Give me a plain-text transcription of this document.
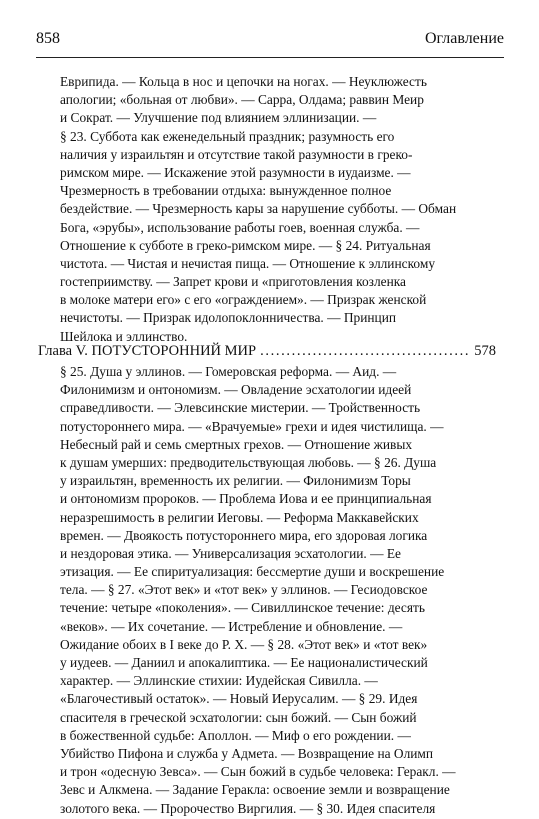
858	Оглавление
Еврипида. — Кольца в нос и цепочки на ногах. — Неуклюжесть
апологии; «больная от любви». — Сарра, Олдама; раввин Меир
и Сократ. — Улучшение под влиянием эллинизации. —
§ 23. Суббота как еженедельный праздник; разумность его
наличия у израильтян и отсутствие такой разумности в греко-
римском мире. — Искажение этой разумности в иудаизме. —
Чрезмерность в требовании отдыха: вынужденное полное
бездействие. — Чрезмерность кары за нарушение субботы. — Обман
Бога, «эрубы», использование работы гоев, военная служба. —
Отношение к субботе в греко-римском мире. — § 24. Ритуальная
чистота. — Чистая и нечистая пища. — Отношение к эллинскому
гостеприимству. — Запрет крови и «приготовления козленка
в молоке матери его» с его «ограждением». — Призрак женской
нечистоты. — Призрак идолопоклонничества. — Принцип
Шейлока и эллинство.
Глава V. ПОТУСТОРОННИЙ МИР
. . .	578
§ 25. Душа у эллинов. — Гомеровская реформа. — Аид. —
Филонимизм и онтономизм. — Овладение эсхатологии идеей
справедливости. — Элевсинские мистерии. — Тройственность
потустороннего мира. — «Врачуемые» грехи и идея чистилища. —
Небесный рай и семь смертных грехов. — Отношение живых
к душам умерших: предводительствующая любовь. — § 26. Душа
у израильтян, временность их религии. — Филонимизм Торы
и онтономизм пророков. — Проблема Иова и ее принципиальная
неразрешимость в религии Иеговы. — Реформа Маккавейских
времен. — Двоякость потустороннего мира, его здоровая логика
и нездоровая этика. — Универсализация эсхатологии. — Ее
этизация. — Ее спиритуализация: бессмертие души и воскрешение
тела. — § 27. «Этот век» и «тот век» у эллинов. — Гесиодовское
течение: четыре «поколения». — Сивиллинское течение: десять
«веков». — Их сочетание. — Истребление и обновление. —
Ожидание обоих в I веке до Р. Х. — § 28. «Этот век» и «тот век»
у иудеев. — Даниил и апокалиптика. — Ее националистический
характер. — Эллинские стихии: Иудейская Сивилла. —
«Благочестивый остаток». — Новый Иерусалим. — § 29. Идея
спасителя в греческой эсхатологии: сын божий. — Сын божий
в божественной судьбе: Аполлон. — Миф о его рождении. —
Убийство Пифона и служба у Адмета. — Возвращение на Олимп
и трон «одесную Зевса». — Сын божий в судьбе человека: Геракл. —
Зевс и Алкмена. — Задание Геракла: освоение земли и возвращение
золотого века. — Пророчество Виргилия. — § 30. Идея спасителя
